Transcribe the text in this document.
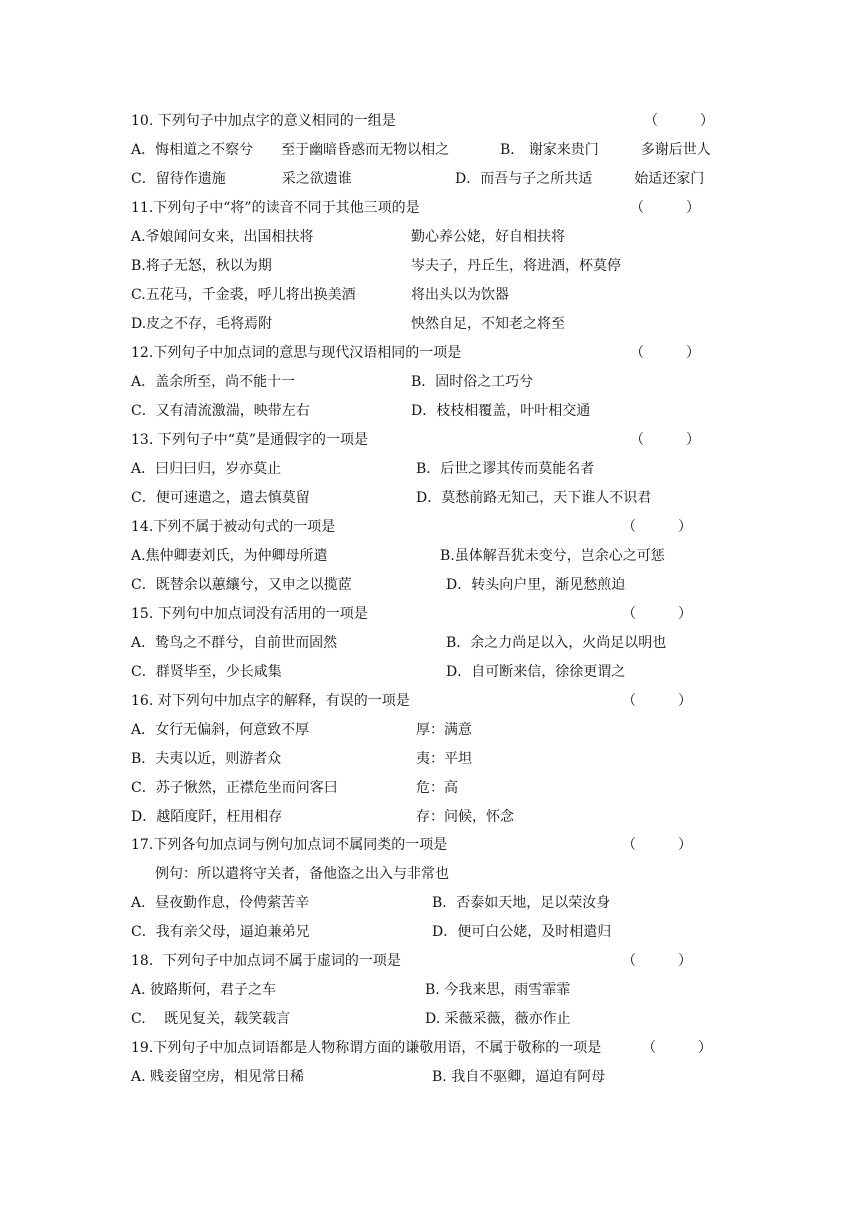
10. 下列句子中加点字的意义相同的一组是	（　　　）
A．悔相道之不察兮　　至于幽暗昏惑而无物以相之	B． 谢家来贵门　　　多谢后世人
C．留待作遗施　　　　采之欲遗谁	D．而吾与子之所共适　　　始适还家门
11.下列句子中“将”的读音不同于其他三项的是	（　　　）
A.爷娘闻问女来，出国相扶将	勤心养公姥，好自相扶将
B.将子无怒，秋以为期	岑夫子，丹丘生，将进酒，杯莫停
C.五花马，千金裘，呼儿将出换美酒	将出头以为饮器
D.皮之不存，毛将焉附	怏然自足，不知老之将至
12.下列句子中加点词的意思与现代汉语相同的一项是	（　　　）
A．盖余所至，尚不能十一	B．固时俗之工巧兮
C．又有清流激湍，映带左右	D．枝枝相覆盖，叶叶相交通
13. 下列句子中“莫”是通假字的一项是	（　　　）
A．曰归曰归，岁亦莫止	B．后世之谬其传而莫能名者
C．便可速遣之，遣去慎莫留	D．莫愁前路无知己，天下谁人不识君
14.下列不属于被动句式的一项是	（　　　）
A.焦仲卿妻刘氏，为仲卿母所遣	B.虽体解吾犹未变兮，岂余心之可惩
C．既替余以蕙纕兮，又申之以揽茝	D．转头向户里，渐见愁煎迫
15. 下列句中加点词没有活用的一项是	（　　　）
A．鸷鸟之不群兮，自前世而固然	B．余之力尚足以入，火尚足以明也
C．群贤毕至，少长咸集	D．自可断来信，徐徐更谓之
16. 对下列句中加点字的解释，有误的一项是	（　　　）
A．女行无偏斜，何意致不厚	厚：满意
B．夫夷以近，则游者众	夷：平坦
C．苏子愀然，正襟危坐而问客曰	危：高
D．越陌度阡，枉用相存	存：问候，怀念
17.下列各句加点词与例句加点词不属同类的一项是	（　　　）
例句：所以遣将守关者，备他盗之出入与非常也
A．昼夜勤作息，伶俜萦苦辛	B．否泰如天地，足以荣汝身
C．我有亲父母，逼迫兼弟兄	D．便可白公姥，及时相遣归
18．下列句子中加点词不属于虚词的一项是	（　　　）
A. 彼路斯何，君子之车	B. 今我来思，雨雪霏霏
C.　 既见复关，载笑载言	D. 采薇采薇，薇亦作止
19.下列句子中加点词语都是人物称谓方面的谦敬用语，不属于敬称的一项是	（　　　）
A. 贱妾留空房，相见常日稀	B. 我自不驱卿，逼迫有阿母
